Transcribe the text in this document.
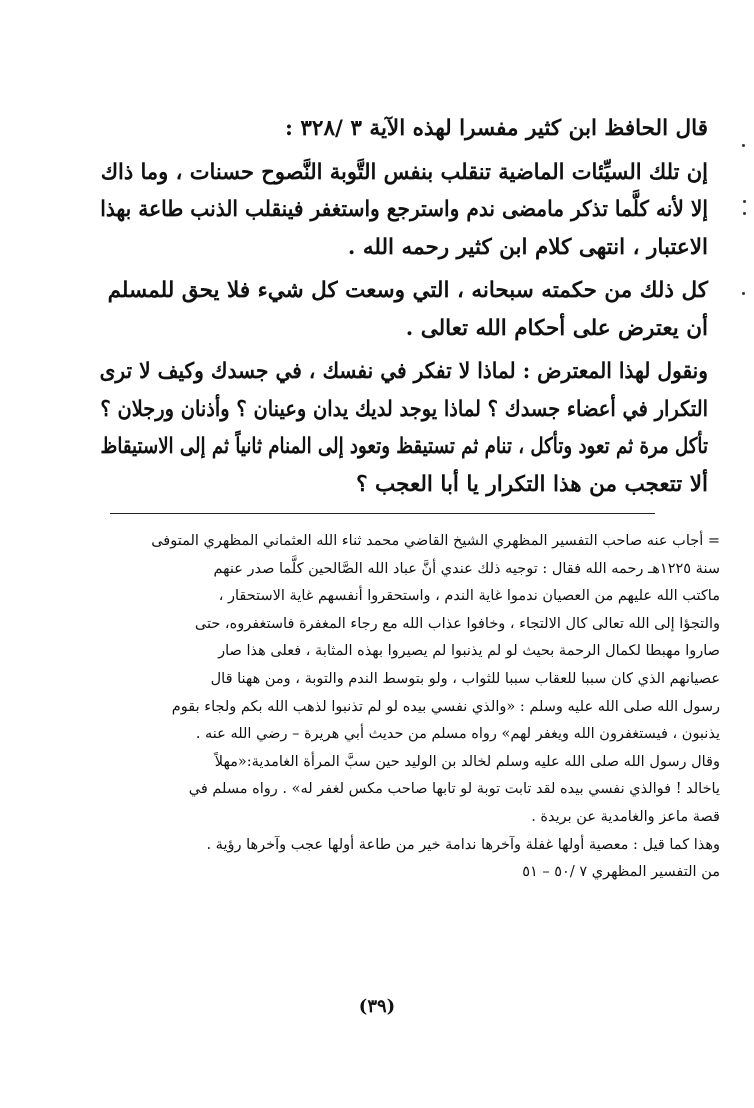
قال الحافظ ابن كثير مفسرا لهذه الآية ٣ /٣٢٨ :

إن تلك السيِّئات الماضية تنقلب بنفس التَّوبة النَّصوح حسنات ، وما ذاك
إلا لأنه كلَّما تذكر مامضى ندم واسترجع واستغفر فينقلب الذنب طاعة بهذا
الاعتبار ، انتهى كلام ابن كثير رحمه الله .

كل ذلك من حكمته سبحانه ، التي وسعت كل شيء فلا يحق للمسلم
أن يعترض على أحكام الله تعالى .

ونقول لهذا المعترض : لماذا لا تفكر في نفسك ، في جسدك وكيف لا ترى
التكرار في أعضاء جسدك ؟ لماذا يوجد لديك يدان وعينان ؟ وأذنان ورجلان ؟
تأكل مرة ثم تعود وتأكل ، تنام ثم تستيقظ وتعود إلى المنام ثانياً ثم إلى الاستيقاظ
ألا تتعجب من هذا التكرار يا أبا العجب ؟

= أجاب عنه صاحب التفسير المظهري الشيخ القاضي محمد ثناء الله العثماني المظهري المتوفى
سنة ١٢٢٥هـ رحمه الله فقال : توجيه ذلك عندي أنَّ عباد الله الصَّالحين كلَّما صدر عنهم
ماكتب الله عليهم من العصيان ندموا غاية الندم ، واستحقروا أنفسهم غاية الاستحقار ،
والتجؤا إلى الله تعالى كال الالتجاء ، وخافوا عذاب الله مع رجاء المغفرة فاستغفروه، حتى
صاروا مهبطا لكمال الرحمة بحيث لو لم يذنبوا لم يصيروا بهذه المثابة ، فعلى هذا صار
عصيانهم الذي كان سببا للعقاب سببا للثواب ، ولو بتوسط الندم والتوبة ، ومن ههنا قال
رسول الله صلى الله عليه وسلم : «والذي نفسي بيده لو لم تذنبوا لذهب الله بكم ولجاء بقوم
يذنبون ، فيستغفرون الله ويغفر لهم» رواه مسلم من حديث أبي هريرة – رضي الله عنه .
وقال رسول الله صلى الله عليه وسلم لخالد بن الوليد حين سبَّ المرأة الغامدية:«مهلاً
ياخالد ! فوالذي نفسي بيده لقد تابت توبة لو تابها صاحب مكس لغفر له» . رواه مسلم في
قصة ماعز والغامدية عن بريدة .
وهذا كما قيل : معصية أولها غفلة وآخرها ندامة خير من طاعة أولها عجب وآخرها رؤية .
من التفسير المظهري ٧ /٥٠ – ٥١
(٣٩)
